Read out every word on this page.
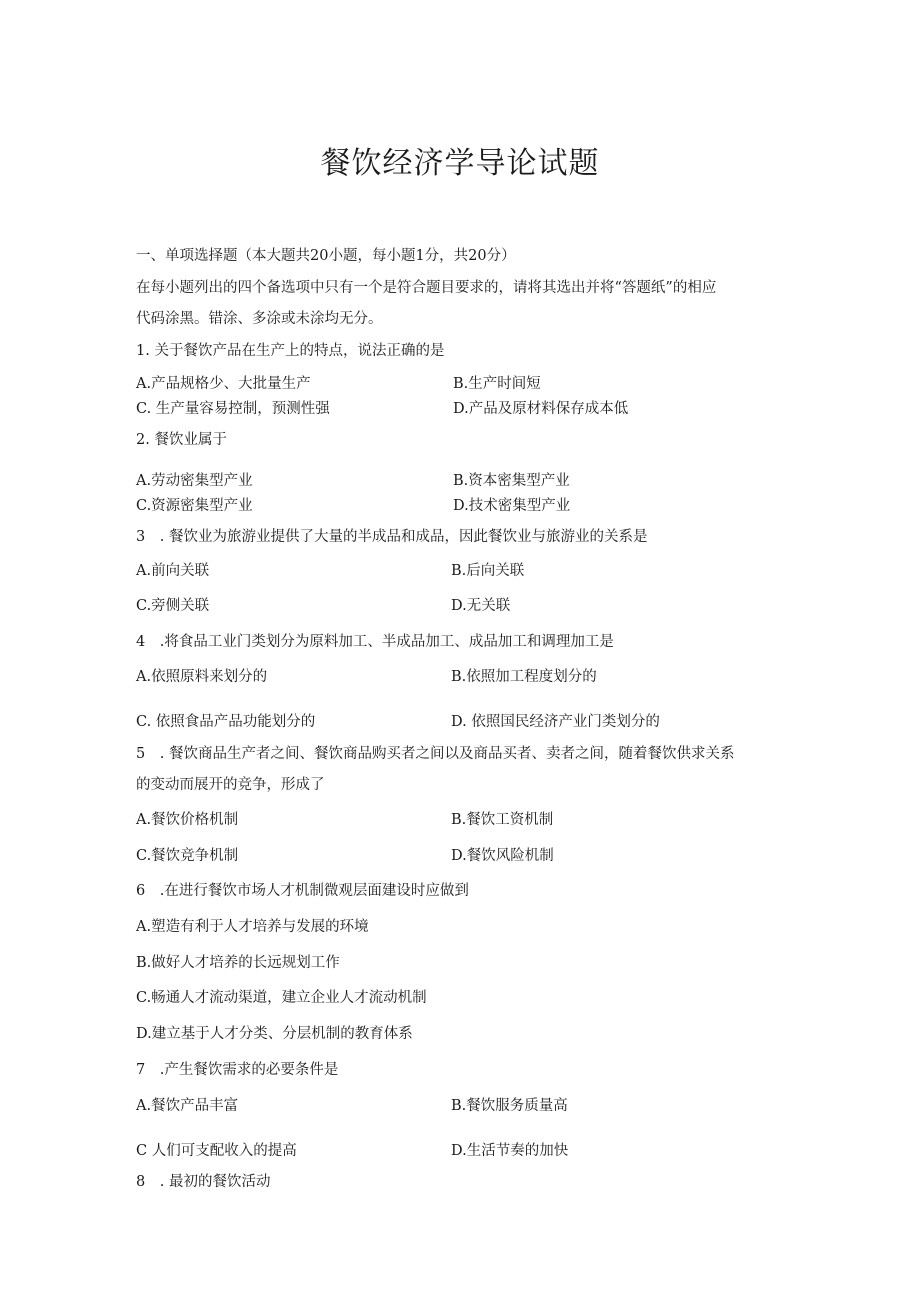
餐饮经济学导论试题
一、单项选择题（本大题共20小题，每小题1分，共20分）
在每小题列出的四个备选项中只有一个是符合题目要求的，请将其选出并将“答题纸”的相应
代码涂黑。错涂、多涂或未涂均无分。
1. 关于餐饮产品在生产上的特点，说法正确的是
A.产品规格少、大批量生产	B.生产时间短
C. 生产量容易控制，预测性强	D.产品及原材料保存成本低
2. 餐饮业属于
A.劳动密集型产业	B.资本密集型产业
C.资源密集型产业	D.技术密集型产业
3　. 餐饮业为旅游业提供了大量的半成品和成品，因此餐饮业与旅游业的关系是
A.前向关联	B.后向关联
C.旁侧关联	D.无关联
4　.将食品工业门类划分为原料加工、半成品加工、成品加工和调理加工是
A.依照原料来划分的	B.依照加工程度划分的
C. 依照食品产品功能划分的	D. 依照国民经济产业门类划分的
5　. 餐饮商品生产者之间、餐饮商品购买者之间以及商品买者、卖者之间，随着餐饮供求关系
的变动而展开的竞争，形成了
A.餐饮价格机制	B.餐饮工资机制
C.餐饮竞争机制	D.餐饮风险机制
6　.在进行餐饮市场人才机制微观层面建设时应做到
A.塑造有利于人才培养与发展的环境
B.做好人才培养的长远规划工作
C.畅通人才流动渠道，建立企业人才流动机制
D.建立基于人才分类、分层机制的教育体系
7　.产生餐饮需求的必要条件是
A.餐饮产品丰富	B.餐饮服务质量高
C 人们可支配收入的提高	D.生活节奏的加快
8　. 最初的餐饮活动
